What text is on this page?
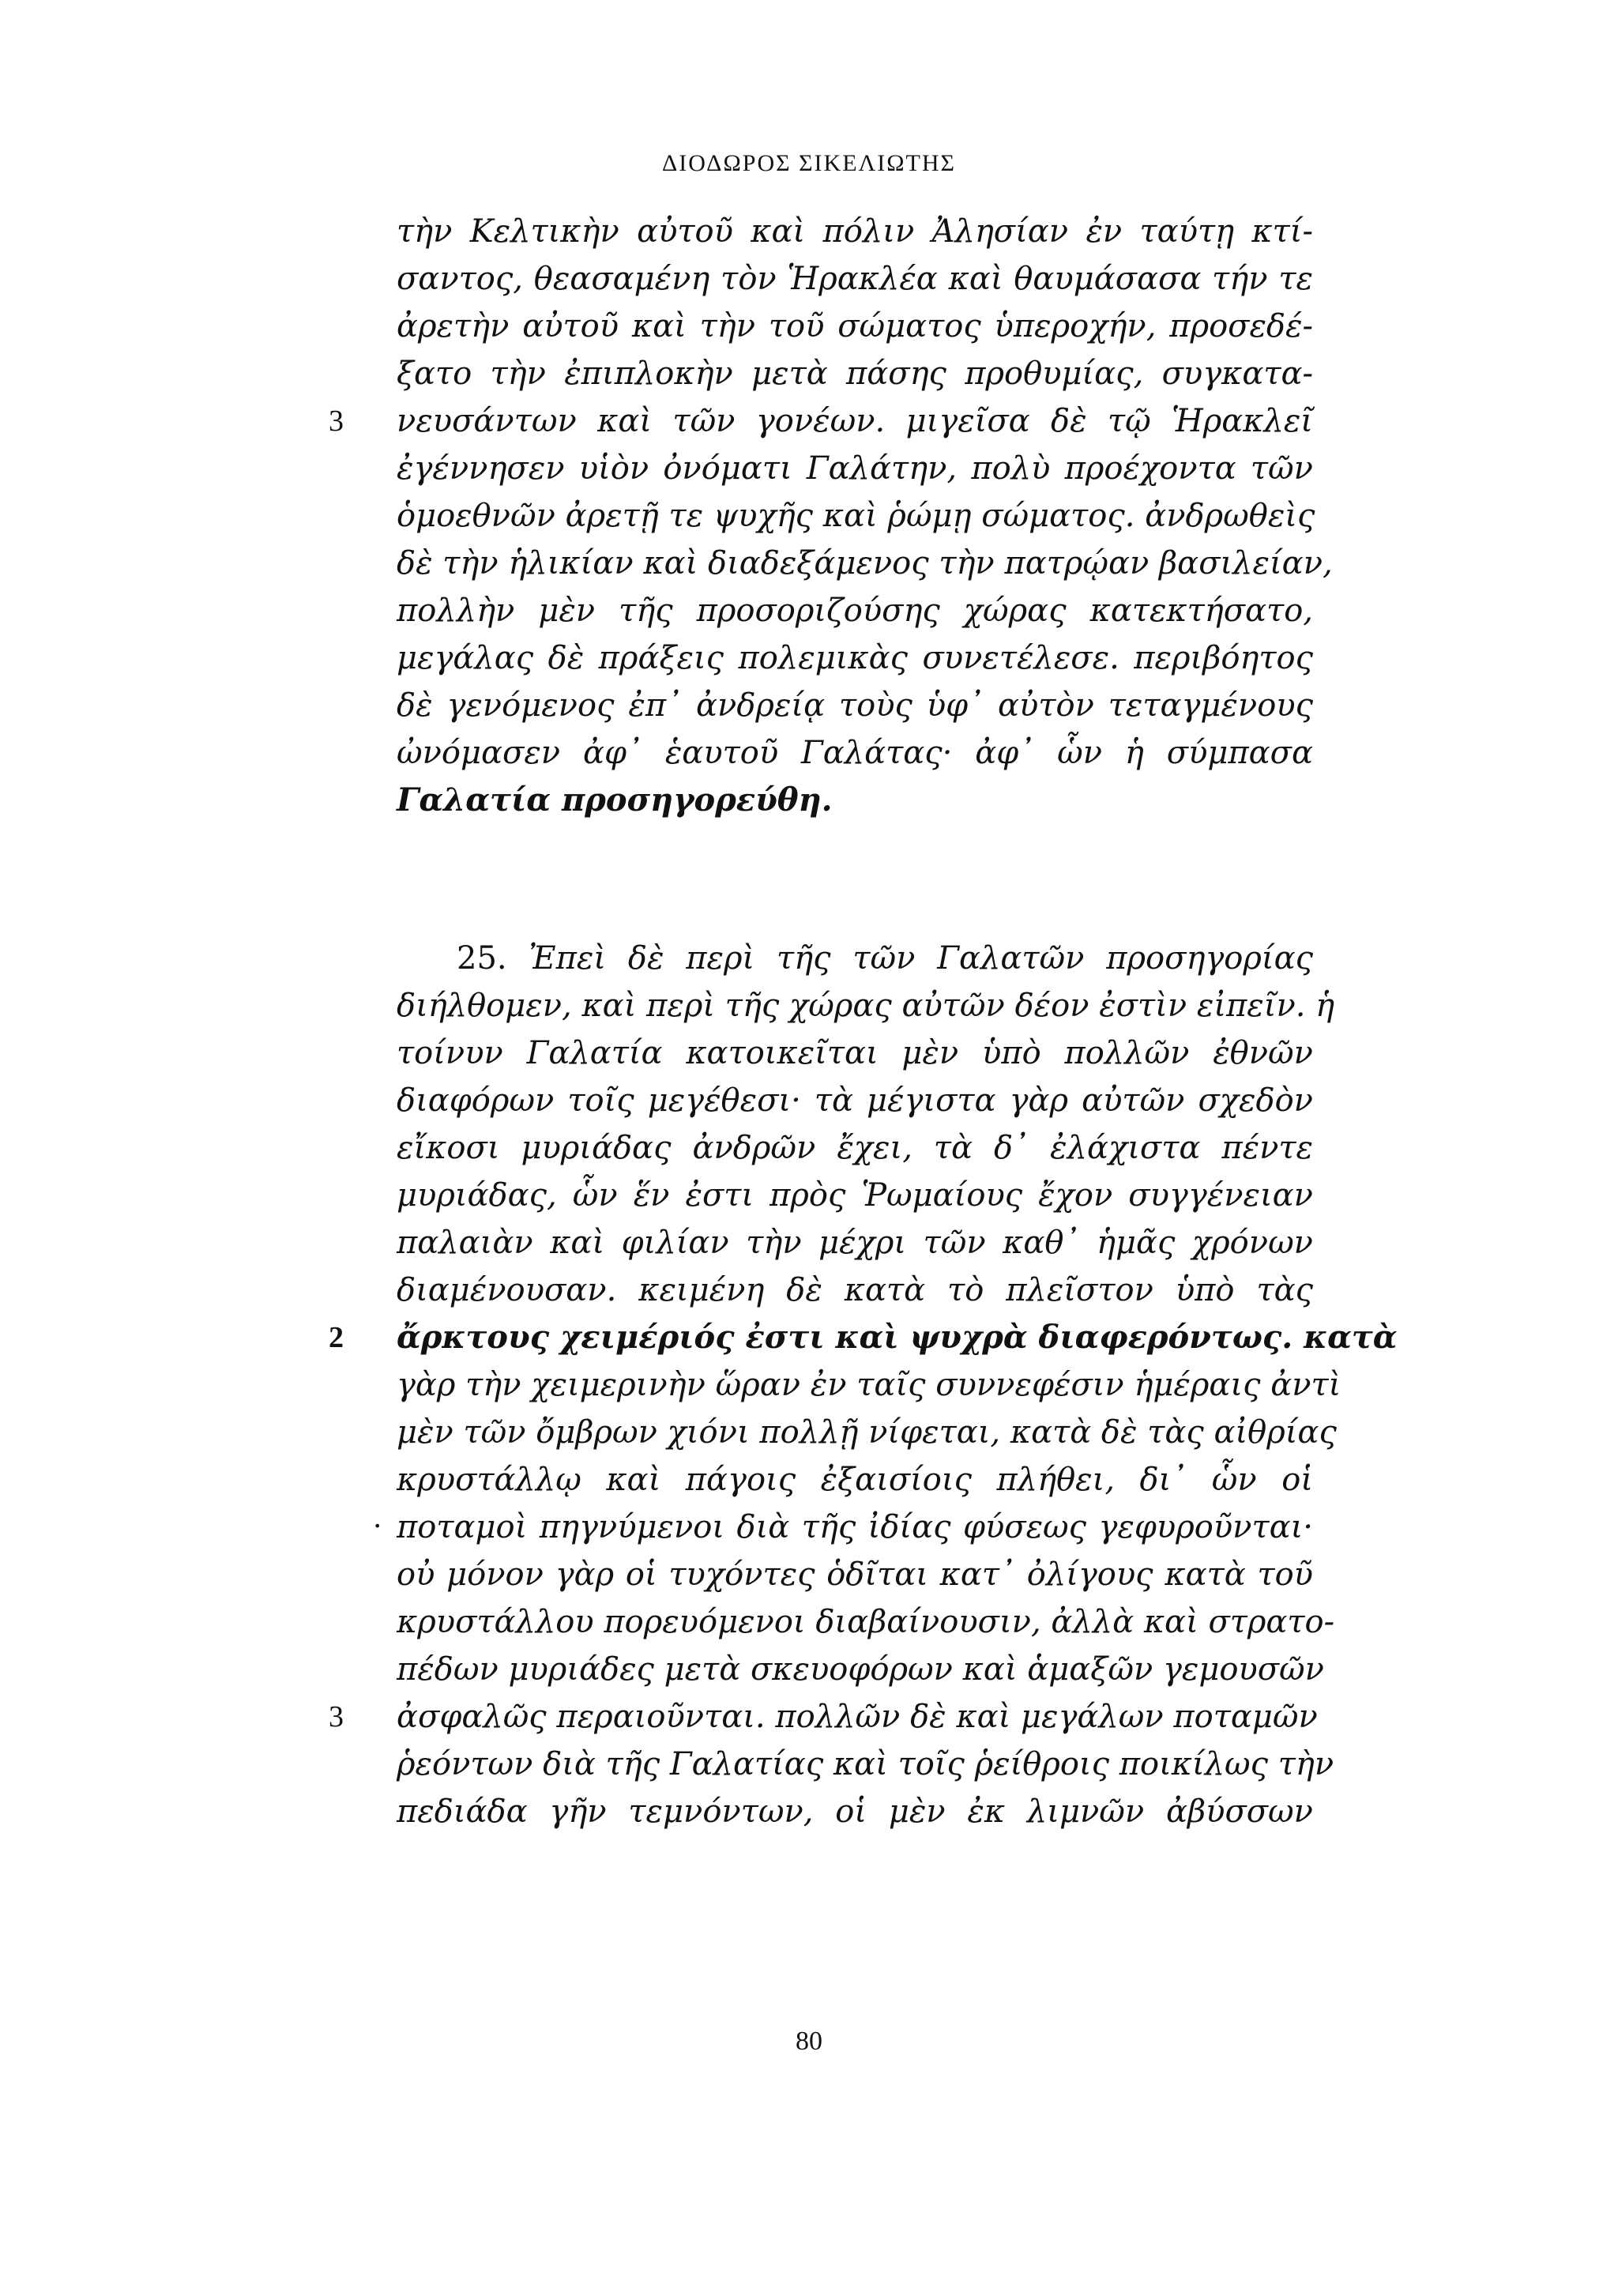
ΔΙΟΔΩΡΟΣ ΣΙΚΕΛΙΩΤΗΣ
τὴν Κελτικὴν αὐτοῦ καὶ πόλιν Ἀλησίαν ἐν ταύτῃ κτί-
σαντος, θεασαμένη τὸν Ἡρακλέα καὶ θαυμάσασα τήν τε
ἀρετὴν αὐτοῦ καὶ τὴν τοῦ σώματος ὑπεροχήν, προσεδέ-
ξατο τὴν ἐπιπλοκὴν μετὰ πάσης προθυμίας, συγκατα-
3 νευσάντων καὶ τῶν γονέων. μιγεῖσα δὲ τῷ Ἡρακλεῖ
ἐγέννησεν υἱὸν ὀνόματι Γαλάτην, πολὺ προέχοντα τῶν
ὁμοεθνῶν ἀρετῇ τε ψυχῆς καὶ ῥώμῃ σώματος. ἀνδρωθεὶς
δὲ τὴν ἡλικίαν καὶ διαδεξάμενος τὴν πατρῴαν βασιλείαν,
πολλὴν μὲν τῆς προσοριζούσης χώρας κατεκτήσατο,
μεγάλας δὲ πράξεις πολεμικὰς συνετέλεσε. περιβόητος
δὲ γενόμενος ἐπ᾿ ἀνδρείᾳ τοὺς ὑφ᾿ αὐτὸν τεταγμένους
ὠνόμασεν ἀφ᾿ ἑαυτοῦ Γαλάτας· ἀφ᾿ ὧν ἡ σύμπασα
Γαλατία προσηγορεύθη.
25. Ἐπεὶ δὲ περὶ τῆς τῶν Γαλατῶν προσηγορίας
διήλθομεν, καὶ περὶ τῆς χώρας αὐτῶν δέον ἐστὶν εἰπεῖν. ἡ
τοίνυν Γαλατία κατοικεῖται μὲν ὑπὸ πολλῶν ἐθνῶν
διαφόρων τοῖς μεγέθεσι· τὰ μέγιστα γὰρ αὐτῶν σχεδὸν
εἴκοσι μυριάδας ἀνδρῶν ἔχει, τὰ δ᾿ ἐλάχιστα πέντε
μυριάδας, ὧν ἕν ἐστι πρὸς Ῥωμαίους ἔχον συγγένειαν
παλαιὰν καὶ φιλίαν τὴν μέχρι τῶν καθ᾿ ἡμᾶς χρόνων
διαμένουσαν. κειμένη δὲ κατὰ τὸ πλεῖστον ὑπὸ τὰς
2 ἄρκτους χειμέριός ἐστι καὶ ψυχρὰ διαφερόντως. κατὰ
γὰρ τὴν χειμερινὴν ὥραν ἐν ταῖς συννεφέσιν ἡμέραις ἀντὶ
μὲν τῶν ὄμβρων χιόνι πολλῇ νίφεται, κατὰ δὲ τὰς αἰθρίας
κρυστάλλῳ καὶ πάγοις ἐξαισίοις πλήθει, δι᾿ ὧν οἱ
· ποταμοὶ πηγνύμενοι διὰ τῆς ἰδίας φύσεως γεφυροῦνται·
οὐ μόνον γὰρ οἱ τυχόντες ὁδῖται κατ᾿ ὀλίγους κατὰ τοῦ
κρυστάλλου πορευόμενοι διαβαίνουσιν, ἀλλὰ καὶ στρατο-
πέδων μυριάδες μετὰ σκευοφόρων καὶ ἁμαξῶν γεμουσῶν
3 ἀσφαλῶς περαιοῦνται. πολλῶν δὲ καὶ μεγάλων ποταμῶν
ῥεόντων διὰ τῆς Γαλατίας καὶ τοῖς ῥείθροις ποικίλως τὴν
πεδιάδα γῆν τεμνόντων, οἱ μὲν ἐκ λιμνῶν ἀβύσσων
80
